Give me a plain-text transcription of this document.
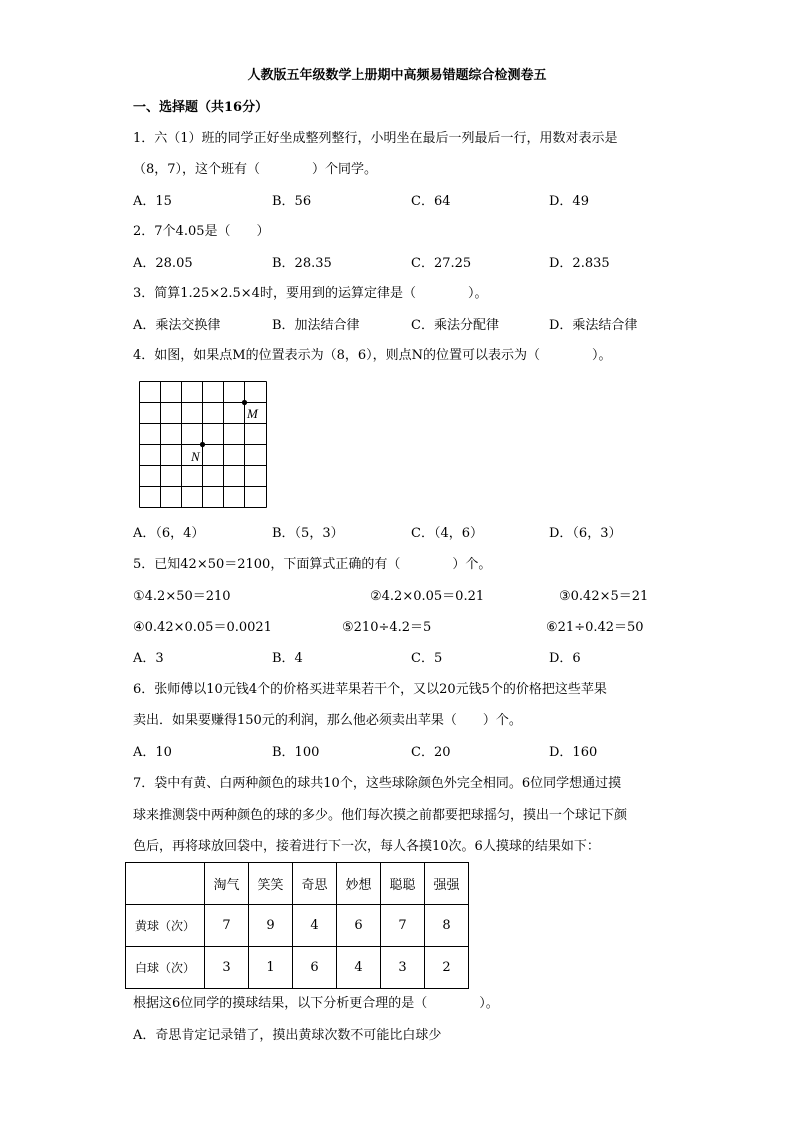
人教版五年级数学上册期中高频易错题综合检测卷五
一、选择题（共16分）
1．六（1）班的同学正好坐成整列整行，小明坐在最后一列最后一行，用数对表示是
（8，7），这个班有（　　　　）个同学。
A．15	B．56	C．64	D．49
2．7个4.05是（　　）
A．28.05	B．28.35	C．27.25	D．2.835
3．简算1.25×2.5×4时，要用到的运算定律是（　　　　）。
A．乘法交换律	B．加法结合律	C．乘法分配律	D．乘法结合律
4．如图，如果点M的位置表示为（8，6），则点N的位置可以表示为（　　　　）。
M
N
A．（6，4）	B．（5，3）	C．（4，6）	D．（6，3）
5．已知42×50＝2100，下面算式正确的有（　　　　）个。
①4.2×50＝210	②4.2×0.05＝0.21	③0.42×5＝21
④0.42×0.05＝0.0021	⑤210÷4.2＝5	⑥21÷0.42＝50
A．3	B．4	C．5	D．6
6．张师傅以10元钱4个的价格买进苹果若干个，又以20元钱5个的价格把这些苹果
卖出．如果要赚得150元的利润，那么他必须卖出苹果（　　）个。
A．10	B．100	C．20	D．160
7．袋中有黄、白两种颜色的球共10个，这些球除颜色外完全相同。6位同学想通过摸
球来推测袋中两种颜色的球的多少。他们每次摸之前都要把球摇匀，摸出一个球记下颜
色后，再将球放回袋中，接着进行下一次，每人各摸10次。6人摸球的结果如下：
	淘气	笑笑	奇思	妙想	聪聪	强强
黄球（次）	7	9	4	6	7	8
白球（次）	3	1	6	4	3	2
根据这6位同学的摸球结果，以下分析更合理的是（　　　　）。
A．奇思肯定记录错了，摸出黄球次数不可能比白球少
